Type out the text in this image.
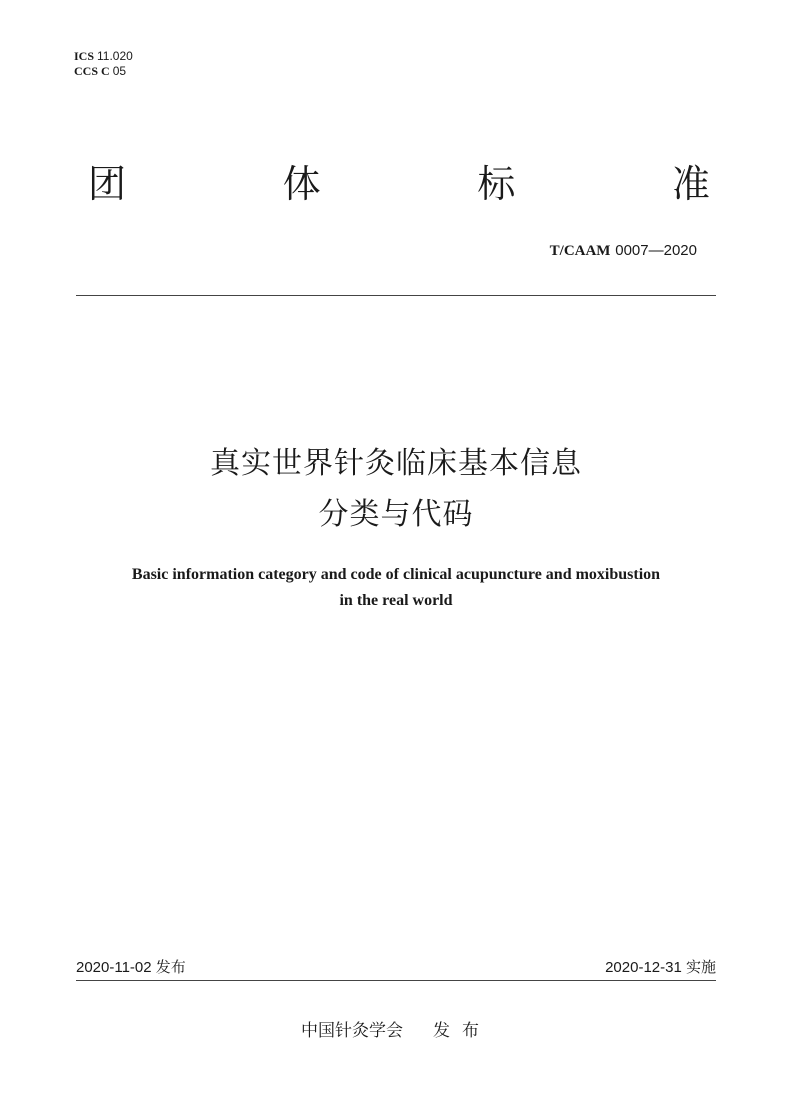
ICS 11.020
CCS C 05
团	体	标	准
T/CAAM 0007—2020
真实世界针灸临床基本信息
分类与代码
Basic information category and code of clinical acupuncture and moxibustion
in the real world
2020-11-02 发布	2020-12-31 实施
中国针灸学会 发布
